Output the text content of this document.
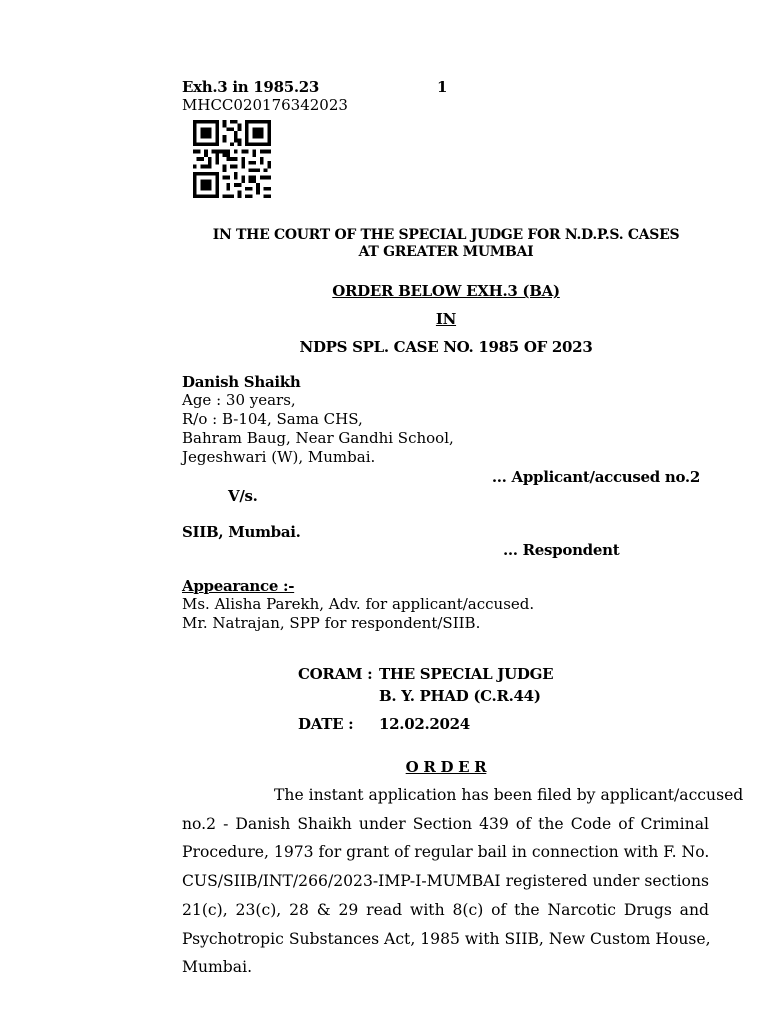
Exh.3 in 1985.23	1
MHCC020176342023
IN THE COURT OF THE SPECIAL JUDGE FOR N.D.P.S. CASES
AT GREATER MUMBAI
ORDER BELOW EXH.3 (BA)
IN
NDPS SPL. CASE NO. 1985 OF 2023
Danish Shaikh
Age : 30 years,
R/o : B-104, Sama CHS,
Bahram Baug, Near Gandhi School,
Jegeshwari (W), Mumbai.
… Applicant/accused no.2
V/s.
SIIB, Mumbai.
… Respondent
Appearance :-
Ms. Alisha Parekh, Adv. for applicant/accused.
Mr. Natrajan, SPP for respondent/SIIB.
CORAM : THE SPECIAL JUDGE
B. Y. PHAD (C.R.44)
DATE : 12.02.2024
O R D E R
The instant application has been filed by applicant/accused
no.2 - Danish Shaikh under Section 439 of the Code of Criminal
Procedure, 1973 for grant of regular bail in connection with F. No.
CUS/SIIB/INT/266/2023-IMP-I-MUMBAI registered under sections
21(c), 23(c), 28 & 29 read with 8(c) of the Narcotic Drugs and
Psychotropic Substances Act, 1985 with SIIB, New Custom House,
Mumbai.
